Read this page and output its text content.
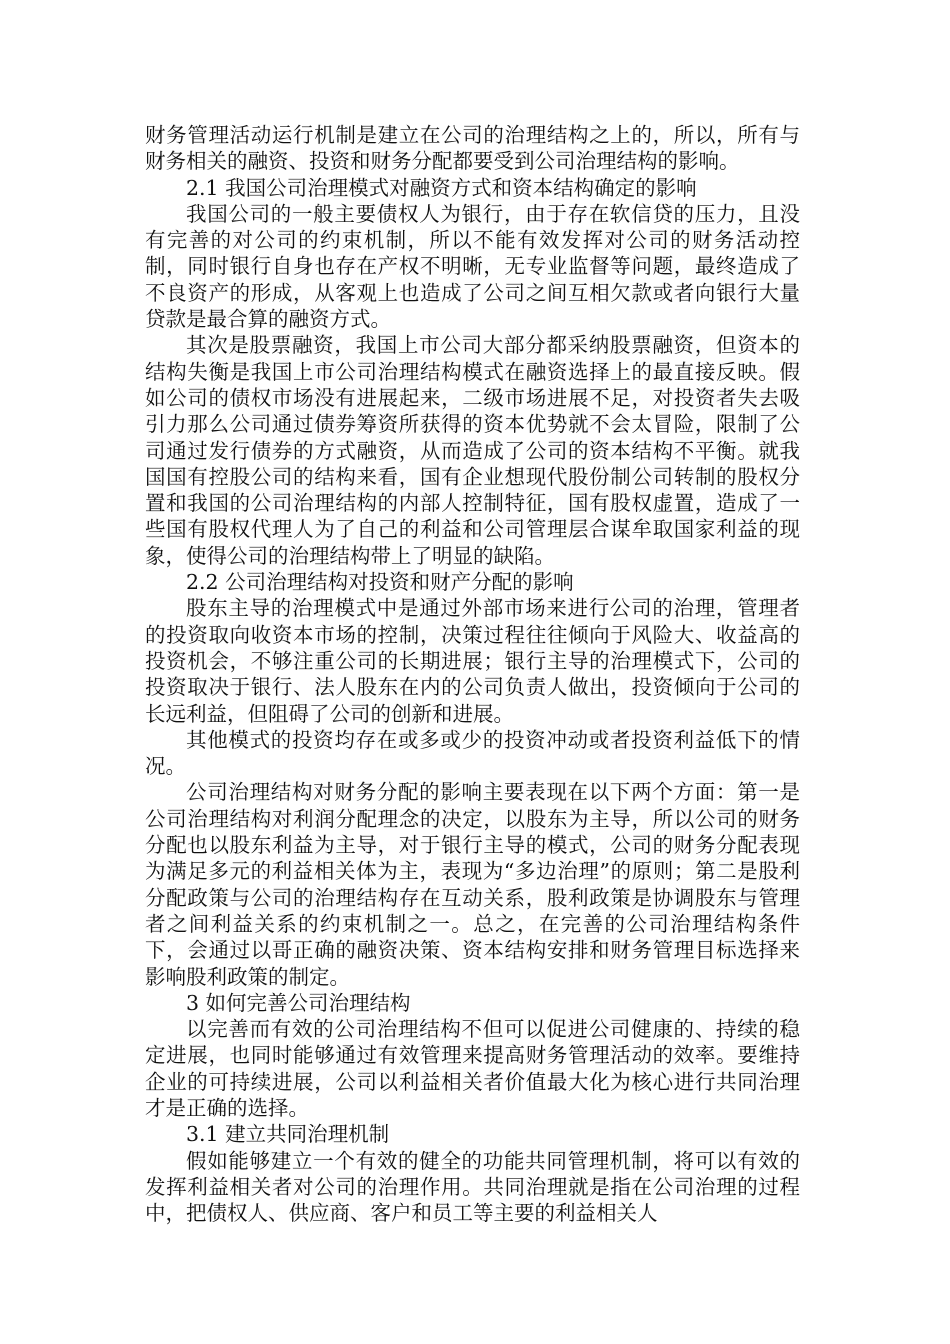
财务管理活动运行机制是建立在公司的治理结构之上的，所以，所有与财务相关的融资、投资和财务分配都要受到公司治理结构的影响。

2.1 我国公司治理模式对融资方式和资本结构确定的影响

我国公司的一般主要债权人为银行，由于存在软信贷的压力，且没有完善的对公司的约束机制，所以不能有效发挥对公司的财务活动控制，同时银行自身也存在产权不明晰，无专业监督等问题，最终造成了不良资产的形成，从客观上也造成了公司之间互相欠款或者向银行大量贷款是最合算的融资方式。

其次是股票融资，我国上市公司大部分都采纳股票融资，但资本的结构失衡是我国上市公司治理结构模式在融资选择上的最直接反映。假如公司的债权市场没有进展起来，二级市场进展不足，对投资者失去吸引力那么公司通过债券筹资所获得的资本优势就不会太冒险，限制了公司通过发行债券的方式融资，从而造成了公司的资本结构不平衡。就我国国有控股公司的结构来看，国有企业想现代股份制公司转制的股权分置和我国的公司治理结构的内部人控制特征，国有股权虚置，造成了一些国有股权代理人为了自己的利益和公司管理层合谋牟取国家利益的现象，使得公司的治理结构带上了明显的缺陷。

2.2 公司治理结构对投资和财产分配的影响

股东主导的治理模式中是通过外部市场来进行公司的治理，管理者的投资取向收资本市场的控制，决策过程往往倾向于风险大、收益高的投资机会，不够注重公司的长期进展；银行主导的治理模式下，公司的投资取决于银行、法人股东在内的公司负责人做出，投资倾向于公司的长远利益，但阻碍了公司的创新和进展。

其他模式的投资均存在或多或少的投资冲动或者投资利益低下的情况。

公司治理结构对财务分配的影响主要表现在以下两个方面：第一是公司治理结构对利润分配理念的决定，以股东为主导，所以公司的财务分配也以股东利益为主导，对于银行主导的模式，公司的财务分配表现为满足多元的利益相关体为主，表现为“多边治理”的原则；第二是股利分配政策与公司的治理结构存在互动关系，股利政策是协调股东与管理者之间利益关系的约束机制之一。总之，在完善的公司治理结构条件下，会通过以哥正确的融资决策、资本结构安排和财务管理目标选择来影响股利政策的制定。

3 如何完善公司治理结构

以完善而有效的公司治理结构不但可以促进公司健康的、持续的稳定进展，也同时能够通过有效管理来提高财务管理活动的效率。要维持企业的可持续进展，公司以利益相关者价值最大化为核心进行共同治理才是正确的选择。

3.1 建立共同治理机制

假如能够建立一个有效的健全的功能共同管理机制，将可以有效的发挥利益相关者对公司的治理作用。共同治理就是指在公司治理的过程中，把债权人、供应商、客户和员工等主要的利益相关人
